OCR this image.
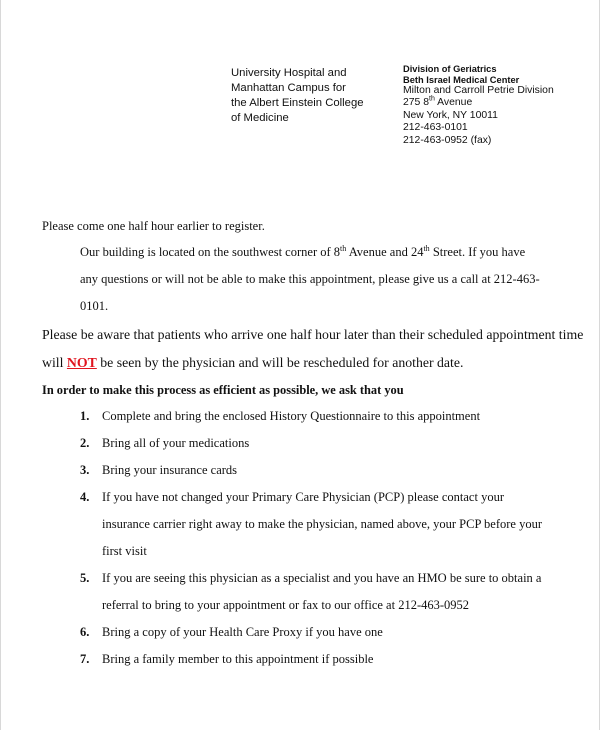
University Hospital and
Manhattan Campus for
the Albert Einstein College
of Medicine
Division of Geriatrics
Beth Israel Medical Center
Milton and Carroll Petrie Division
275 8th Avenue
New York, NY 10011
212-463-0101
212-463-0952 (fax)
Please come one half hour earlier to register.
Our building is located on the southwest corner of 8th Avenue and 24th Street. If you have
any questions or will not be able to make this appointment, please give us a call at 212-463-
0101.
Please be aware that patients who arrive one half hour later than their scheduled appointment time
will NOT be seen by the physician and will be rescheduled for another date.
In order to make this process as efficient as possible, we ask that you
1. Complete and bring the enclosed History Questionnaire to this appointment
2. Bring all of your medications
3. Bring your insurance cards
4. If you have not changed your Primary Care Physician (PCP) please contact your
insurance carrier right away to make the physician, named above, your PCP before your
first visit
5. If you are seeing this physician as a specialist and you have an HMO be sure to obtain a
referral to bring to your appointment or fax to our office at 212-463-0952
6. Bring a copy of your Health Care Proxy if you have one
7. Bring a family member to this appointment if possible
